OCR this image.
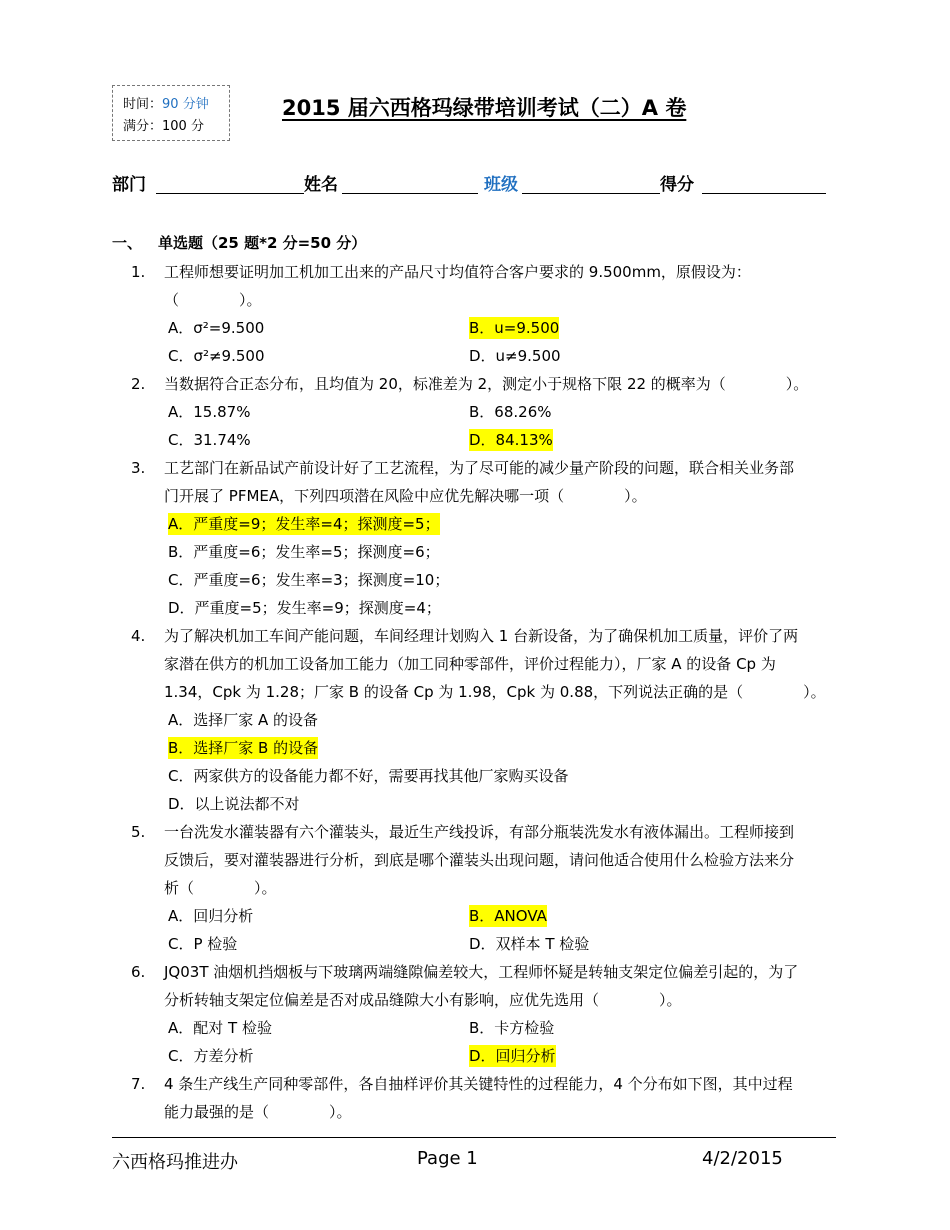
时间：90 分钟
满分：100 分
2015 届六西格玛绿带培训考试（二）A 卷
部门	姓名	班级	得分
一、 单选题（25 题*2 分=50 分）
1. 工程师想要证明加工机加工出来的产品尺寸均值符合客户要求的 9.500mm，原假设为：
（　　　　）。
A．σ²=9.500	B．u=9.500
C．σ²≠9.500	D．u≠9.500
2. 当数据符合正态分布，且均值为 20，标准差为 2，测定小于规格下限 22 的概率为（　　　　）。
A．15.87%	B．68.26%
C．31.74%	D．84.13%
3. 工艺部门在新品试产前设计好了工艺流程，为了尽可能的减少量产阶段的问题，联合相关业务部
门开展了 PFMEA，下列四项潜在风险中应优先解决哪一项（　　　　）。
A．严重度=9；发生率=4；探测度=5；
B．严重度=6；发生率=5；探测度=6；
C．严重度=6；发生率=3；探测度=10；
D．严重度=5；发生率=9；探测度=4；
4. 为了解决机加工车间产能问题，车间经理计划购入 1 台新设备，为了确保机加工质量，评价了两
家潜在供方的机加工设备加工能力（加工同种零部件，评价过程能力），厂家 A 的设备 Cp 为
1.34，Cpk 为 1.28；厂家 B 的设备 Cp 为 1.98，Cpk 为 0.88，下列说法正确的是（　　　　）。
A．选择厂家 A 的设备
B．选择厂家 B 的设备
C．两家供方的设备能力都不好，需要再找其他厂家购买设备
D．以上说法都不对
5. 一台洗发水灌装器有六个灌装头，最近生产线投诉，有部分瓶装洗发水有液体漏出。工程师接到
反馈后，要对灌装器进行分析，到底是哪个灌装头出现问题，请问他适合使用什么检验方法来分
析（　　　　）。
A．回归分析	B．ANOVA
C．P 检验	D．双样本 T 检验
6. JQ03T 油烟机挡烟板与下玻璃两端缝隙偏差较大，工程师怀疑是转轴支架定位偏差引起的，为了
分析转轴支架定位偏差是否对成品缝隙大小有影响，应优先选用（　　　　）。
A．配对 T 检验	B．卡方检验
C．方差分析	D．回归分析
7. 4 条生产线生产同种零部件，各自抽样评价其关键特性的过程能力，4 个分布如下图，其中过程
能力最强的是（　　　　）。
六西格玛推进办	Page 1	4/2/2015
